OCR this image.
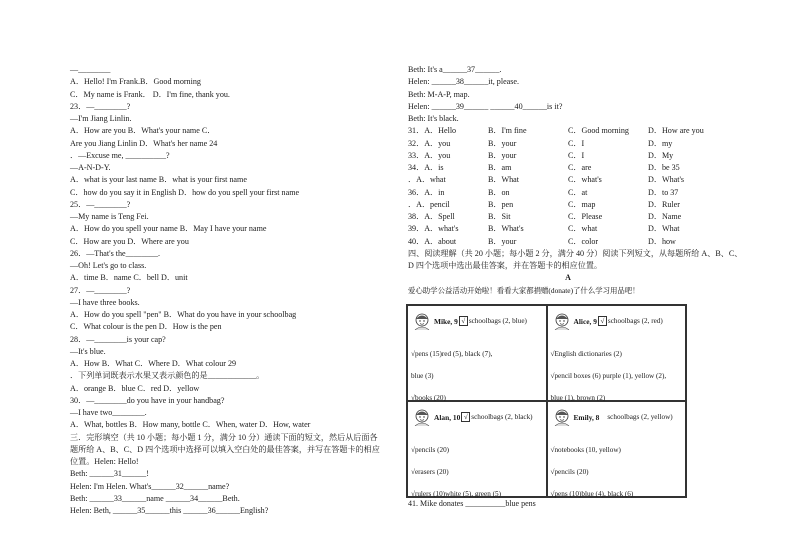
—________
A．Hello! I'm Frank.B．Good morning
C．My name is Frank． D．I'm fine, thank you.
23．—________?
—I'm Jiang Linlin.
A．How are you B．What's your name C．
Are you Jiang Linlin D．What's her name 24
．—Excuse me, __________?
—A-N-D-Y.
A．what is your last name B．what is your first name
C．how do you say it in English D．how do you spell your first name
25．—________?
—My name is Teng Fei.
A．How do you spell your name B．May I have your name
C．How are you D．Where are you
26．—That's the________.
—Oh! Let's go to class.
A．time B．name C．bell D．unit
27．—________?
—I have three books.
A．How do you spell "pen" B．What do you have in your schoolbag
C．What colour is the pen D．How is the pen
28．—________is your cap?
—It's blue.
A．How B．What C．Where D．What colour 29
．下列单词既表示水果又表示颜色的是____________。
A．orange B．blue C．red D．yellow
30．—________do you have in your handbag?
—I have two________.
A．What, bottles B．How many, bottle C．When, water D．How, water
三．完形填空（共 10 小题；每小题 1 分，满分 10 分）通读下面的短文，然后从后面各
题所给 A、B、C、D 四个选项中选择可以填入空白处的最佳答案，并写在答题卡的相应
位置。Helen: Hello!
Beth: ______31______!
Helen: I'm Helen. What's______32______name?
Beth: ______33______name ______34______Beth.
Helen: Beth, ______35______this ______36______English?
Beth: It's a______37______.
Helen: ______38______it, please.
Beth: M-A-P, map.
Helen: ______39______ ______40______is it?
Beth: It's black.
31．A．Hello	B．I'm fine	C．Good morning	D．How are you
32．A．you	B．your	C．I	D．my
33．A．you	B．your	C．I	D．My
34．A．is	B．am	C．are	D．be 35
．A．what	B．What	C．what's	D．What's
36．A．in	B．on	C．at	D．to 37
．A．pencil	B．pen	C．map	D．Ruler
38．A．Spell	B．Sit	C．Please	D．Name
39．A．what's	B．What's	C．what	D．What
40．A．about	B．your	C．color	D．how
四、阅读理解（共 20 小题；每小题 2 分，满分 40 分）阅读下列短文，从每题所给 A、B、C、
D 四个选项中选出最佳答案，并在答题卡的相应位置。
A
爱心助学公益活动开始啦！看看大家都捐赠(donate)了什么学习用品吧！
Mike, 9 √ schoolbags (2, blue)
√pens (15)red (5), black (7),
blue (3)
√books (20)
Alice, 9 √ schoolbags (2, red)
√English dictionaries (2)
√pencil boxes (6) purple (1), yellow (2),
blue (1), brown (2)
Alan, 10 √ schoolbags (2, black)
√pencils (20)
√erasers (20)
√rulers (10)white (5), green (5)
Emily, 8 schoolbags (2, yellow)
√notebooks (10, yellow)
√pencils (20)
√pens (10)blue (4), black (6)
41. Mike donates __________blue pens
